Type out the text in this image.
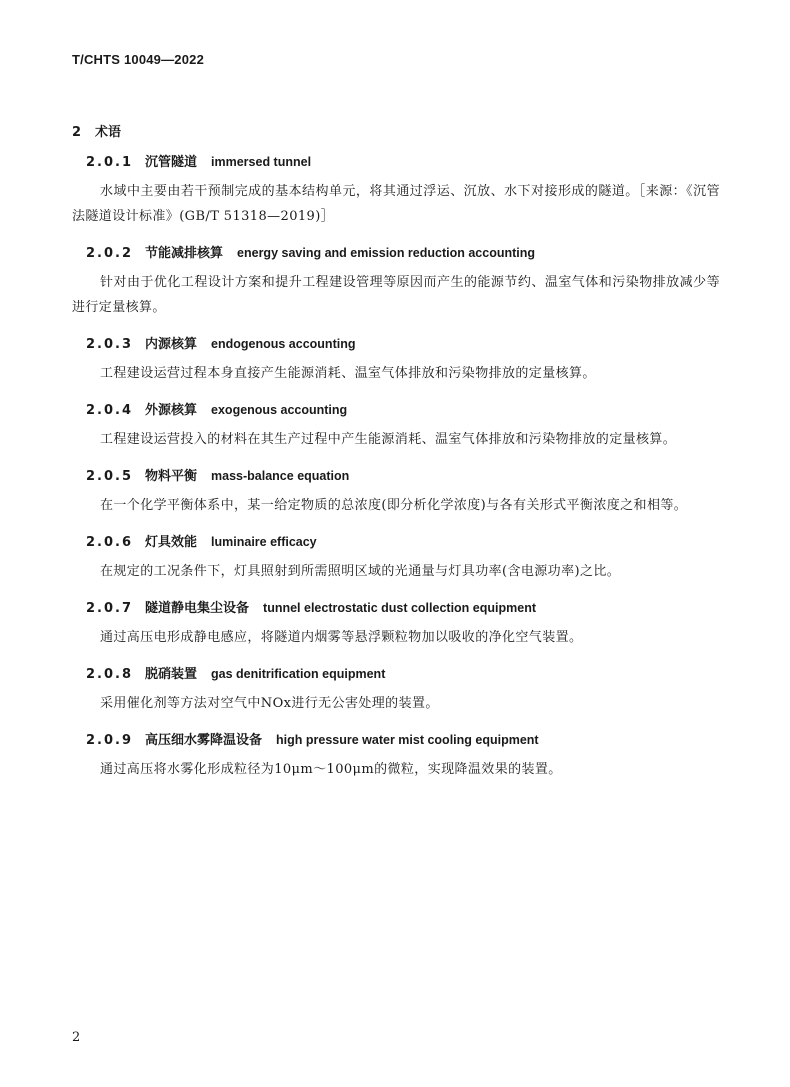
T/CHTS 10049—2022
2 术语
2.0.1 沉管隧道 immersed tunnel
水域中主要由若干预制完成的基本结构单元，将其通过浮运、沉放、水下对接形成的隧道。［来源：《沉管法隧道设计标准》(GB/T 51318—2019)］
2.0.2 节能减排核算 energy saving and emission reduction accounting
针对由于优化工程设计方案和提升工程建设管理等原因而产生的能源节约、温室气体和污染物排放减少等进行定量核算。
2.0.3 内源核算 endogenous accounting
工程建设运营过程本身直接产生能源消耗、温室气体排放和污染物排放的定量核算。
2.0.4 外源核算 exogenous accounting
工程建设运营投入的材料在其生产过程中产生能源消耗、温室气体排放和污染物排放的定量核算。
2.0.5 物料平衡 mass-balance equation
在一个化学平衡体系中，某一给定物质的总浓度(即分析化学浓度)与各有关形式平衡浓度之和相等。
2.0.6 灯具效能 luminaire efficacy
在规定的工况条件下，灯具照射到所需照明区域的光通量与灯具功率(含电源功率)之比。
2.0.7 隧道静电集尘设备 tunnel electrostatic dust collection equipment
通过高压电形成静电感应，将隧道内烟雾等悬浮颗粒物加以吸收的净化空气装置。
2.0.8 脱硝装置 gas denitrification equipment
采用催化剂等方法对空气中NOx进行无公害处理的装置。
2.0.9 高压细水雾降温设备 high pressure water mist cooling equipment
通过高压将水雾化形成粒径为10μm～100μm的微粒，实现降温效果的装置。
2
